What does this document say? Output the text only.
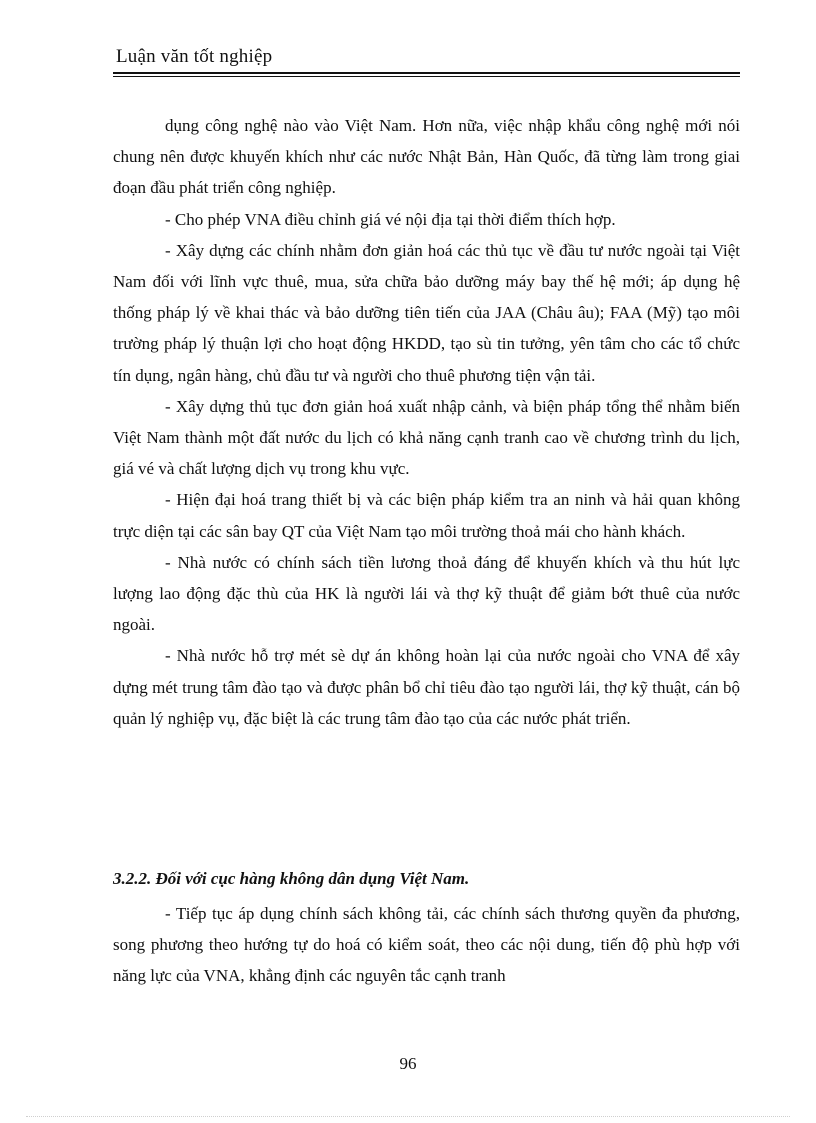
Luận văn tốt nghiệp

dụng công nghệ nào vào Việt Nam. Hơn nữa, việc nhập khẩu công nghệ mới nói chung nên được khuyến khích như các nước Nhật Bản, Hàn Quốc, đã từng làm trong giai đoạn đầu phát triển công nghiệp.

- Cho phép VNA điều chỉnh giá vé nội địa tại thời điểm thích hợp.

- Xây dựng các chính nhằm đơn giản hoá các thủ tục về đầu tư nước ngoài tại Việt Nam đối với lĩnh vực thuê, mua, sửa chữa bảo dưỡng máy bay thế hệ mới; áp dụng hệ thống pháp lý về khai thác và bảo dưỡng tiên tiến của JAA (Châu âu); FAA (Mỹ) tạo môi trường pháp lý thuận lợi cho hoạt động HKDD, tạo sù tin tưởng, yên tâm cho các tổ chức tín dụng, ngân hàng, chủ đầu tư và người cho thuê phương tiện vận tải.

- Xây dựng thủ tục đơn giản hoá xuất nhập cảnh, và biện pháp tổng thể nhằm biến Việt Nam thành một đất nước du lịch có khả năng cạnh tranh cao về chương trình du lịch, giá vé và chất lượng dịch vụ trong khu vực.

- Hiện đại hoá trang thiết bị và các biện pháp kiểm tra an ninh và hải quan không trực diện tại các sân bay QT của Việt Nam tạo môi trường thoả mái cho hành khách.

- Nhà nước có chính sách tiền lương thoả đáng để khuyến khích và thu hút lực lượng lao động đặc thù của HK là người lái và thợ kỹ thuật để giảm bớt thuê của nước ngoài.

- Nhà nước hỗ trợ mét sè dự án không hoàn lại của nước ngoài cho VNA để xây dựng mét trung tâm đào tạo và được phân bổ chỉ tiêu đào tạo người lái, thợ kỹ thuật, cán bộ quản lý nghiệp vụ, đặc biệt là các trung tâm đào tạo của các nước phát triển.

3.2.2. Đối với cục hàng không dân dụng Việt Nam.

- Tiếp tục áp dụng chính sách không tải, các chính sách thương quyền đa phương, song phương theo hướng tự do hoá có kiểm soát, theo các nội dung, tiến độ phù hợp với năng lực của VNA, khẳng định các nguyên tắc cạnh tranh

96
